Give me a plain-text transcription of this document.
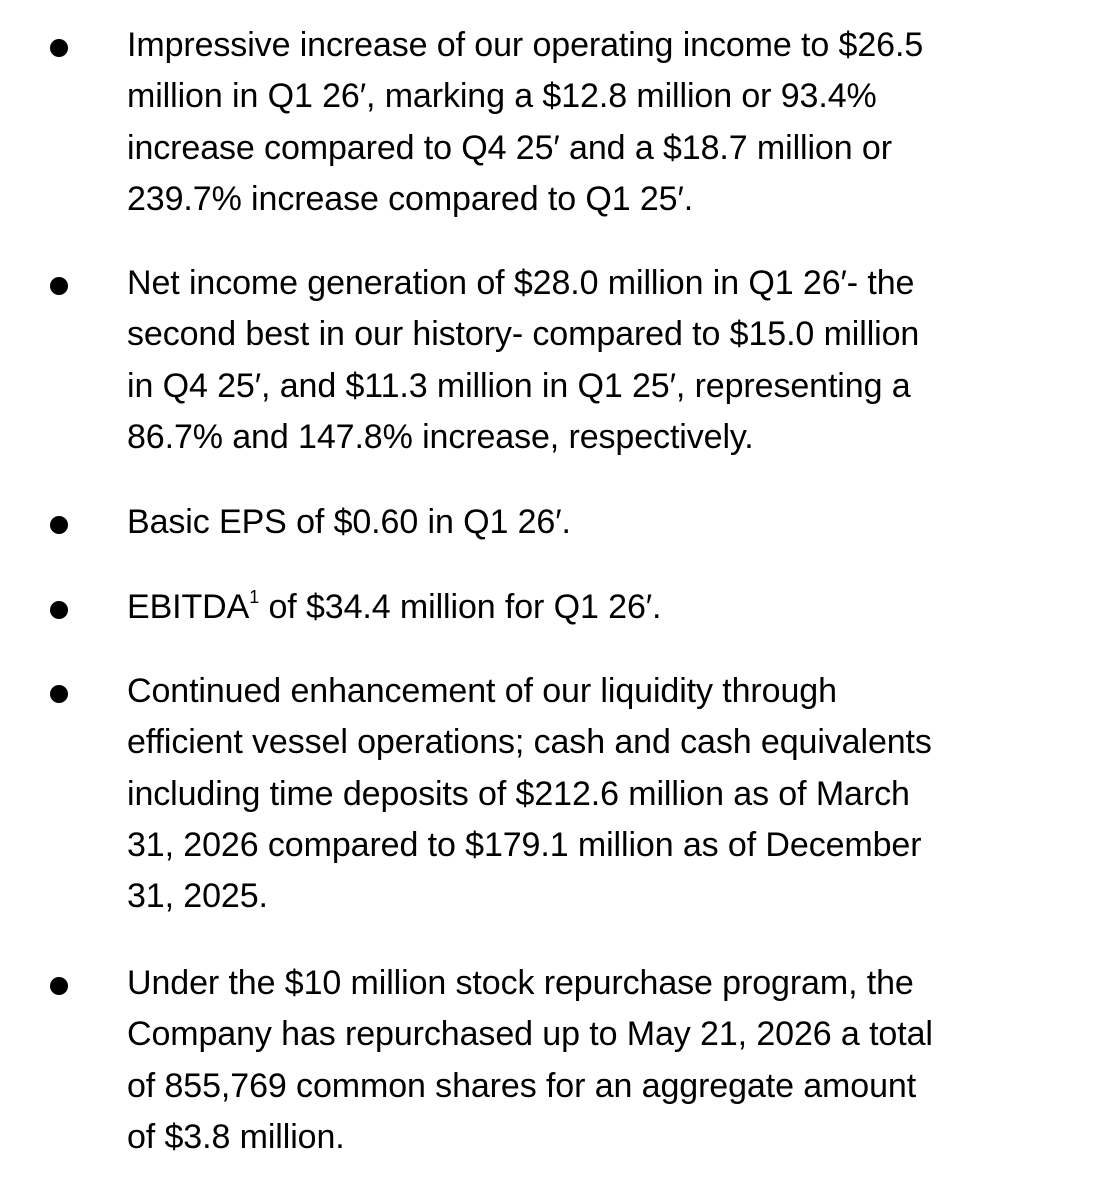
Impressive increase of our operating income to $26.5
million in Q1 26′, marking a $12.8 million or 93.4%
increase compared to Q4 25′ and a $18.7 million or
239.7% increase compared to Q1 25′.
Net income generation of $28.0 million in Q1 26′- the
second best in our history- compared to $15.0 million
in Q4 25′, and $11.3 million in Q1 25′, representing a
86.7% and 147.8% increase, respectively.
Basic EPS of $0.60 in Q1 26′.
EBITDA$^1$ of $34.4 million for Q1 26′.
Continued enhancement of our liquidity through
efficient vessel operations; cash and cash equivalents
including time deposits of $212.6 million as of March
31, 2026 compared to $179.1 million as of December
31, 2025.
Under the $10 million stock repurchase program, the
Company has repurchased up to May 21, 2026 a total
of 855,769 common shares for an aggregate amount
of $3.8 million.
